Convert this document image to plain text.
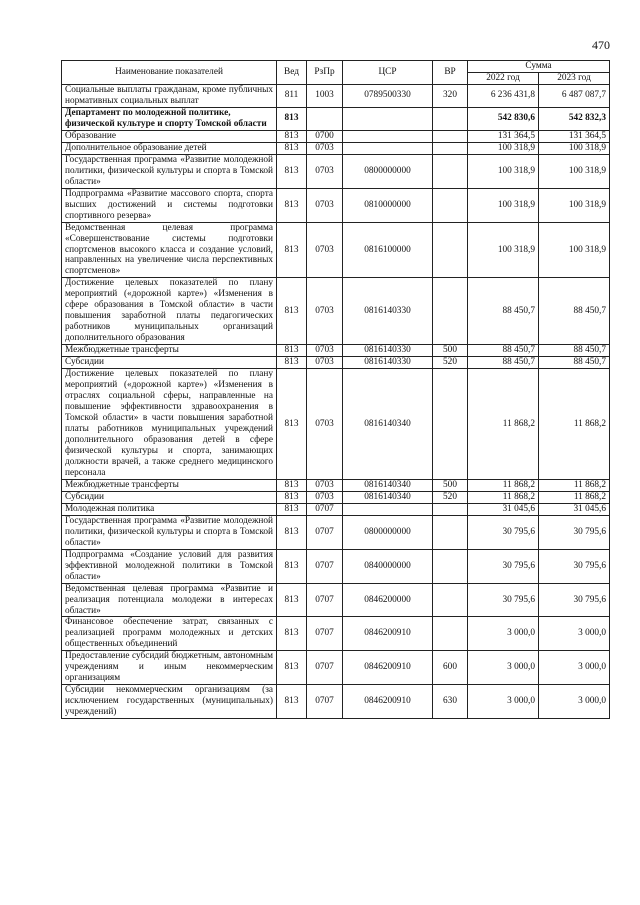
470
Наименование показателей	Вед	РзПр	ЦСР	ВР	Сумма	
					2022 год	2023 год
Социальные выплаты гражданам, кроме публичных нормативных социальных выплат	811	1003	0789500330	320	6 236 431,8	6 487 087,7
Департамент по молодежной политике, физической культуре и спорту Томской области	813				542 830,6	542 832,3
Образование	813	0700			131 364,5	131 364,5
Дополнительное образование детей	813	0703			100 318,9	100 318,9
Государственная программа «Развитие молодежной политики, физической культуры и спорта в Томской области»	813	0703	0800000000		100 318,9	100 318,9
Подпрограмма «Развитие массового спорта, спорта высших достижений и системы подготовки спортивного резерва»	813	0703	0810000000		100 318,9	100 318,9
Ведомственная целевая программа «Совершенствование системы подготовки спортсменов высокого класса и создание условий, направленных на увеличение числа перспективных спортсменов»	813	0703	0816100000		100 318,9	100 318,9
Достижение целевых показателей по плану мероприятий («дорожной карте») «Изменения в сфере образования в Томской области» в части повышения заработной платы педагогических работников муниципальных организаций дополнительного образования	813	0703	0816140330		88 450,7	88 450,7
Межбюджетные трансферты	813	0703	0816140330	500	88 450,7	88 450,7
Субсидии	813	0703	0816140330	520	88 450,7	88 450,7
Достижение целевых показателей по плану мероприятий («дорожной карте») «Изменения в отраслях социальной сферы, направленные на повышение эффективности здравоохранения в Томской области» в части повышения заработной платы работников муниципальных учреждений дополнительного образования детей в сфере физической культуры и спорта, занимающих должности врачей, а также среднего медицинского персонала	813	0703	0816140340		11 868,2	11 868,2
Межбюджетные трансферты	813	0703	0816140340	500	11 868,2	11 868,2
Субсидии	813	0703	0816140340	520	11 868,2	11 868,2
Молодежная политика	813	0707			31 045,6	31 045,6
Государственная программа «Развитие молодежной политики, физической культуры и спорта в Томской области»	813	0707	0800000000		30 795,6	30 795,6
Подпрограмма «Создание условий для развития эффективной молодежной политики в Томской области»	813	0707	0840000000		30 795,6	30 795,6
Ведомственная целевая программа «Развитие и реализация потенциала молодежи в интересах области»	813	0707	0846200000		30 795,6	30 795,6
Финансовое обеспечение затрат, связанных с реализацией программ молодежных и детских общественных объединений	813	0707	0846200910		3 000,0	3 000,0
Предоставление субсидий бюджетным, автономным учреждениям и иным некоммерческим организациям	813	0707	0846200910	600	3 000,0	3 000,0
Субсидии некоммерческим организациям (за исключением государственных (муниципальных) учреждений)	813	0707	0846200910	630	3 000,0	3 000,0
